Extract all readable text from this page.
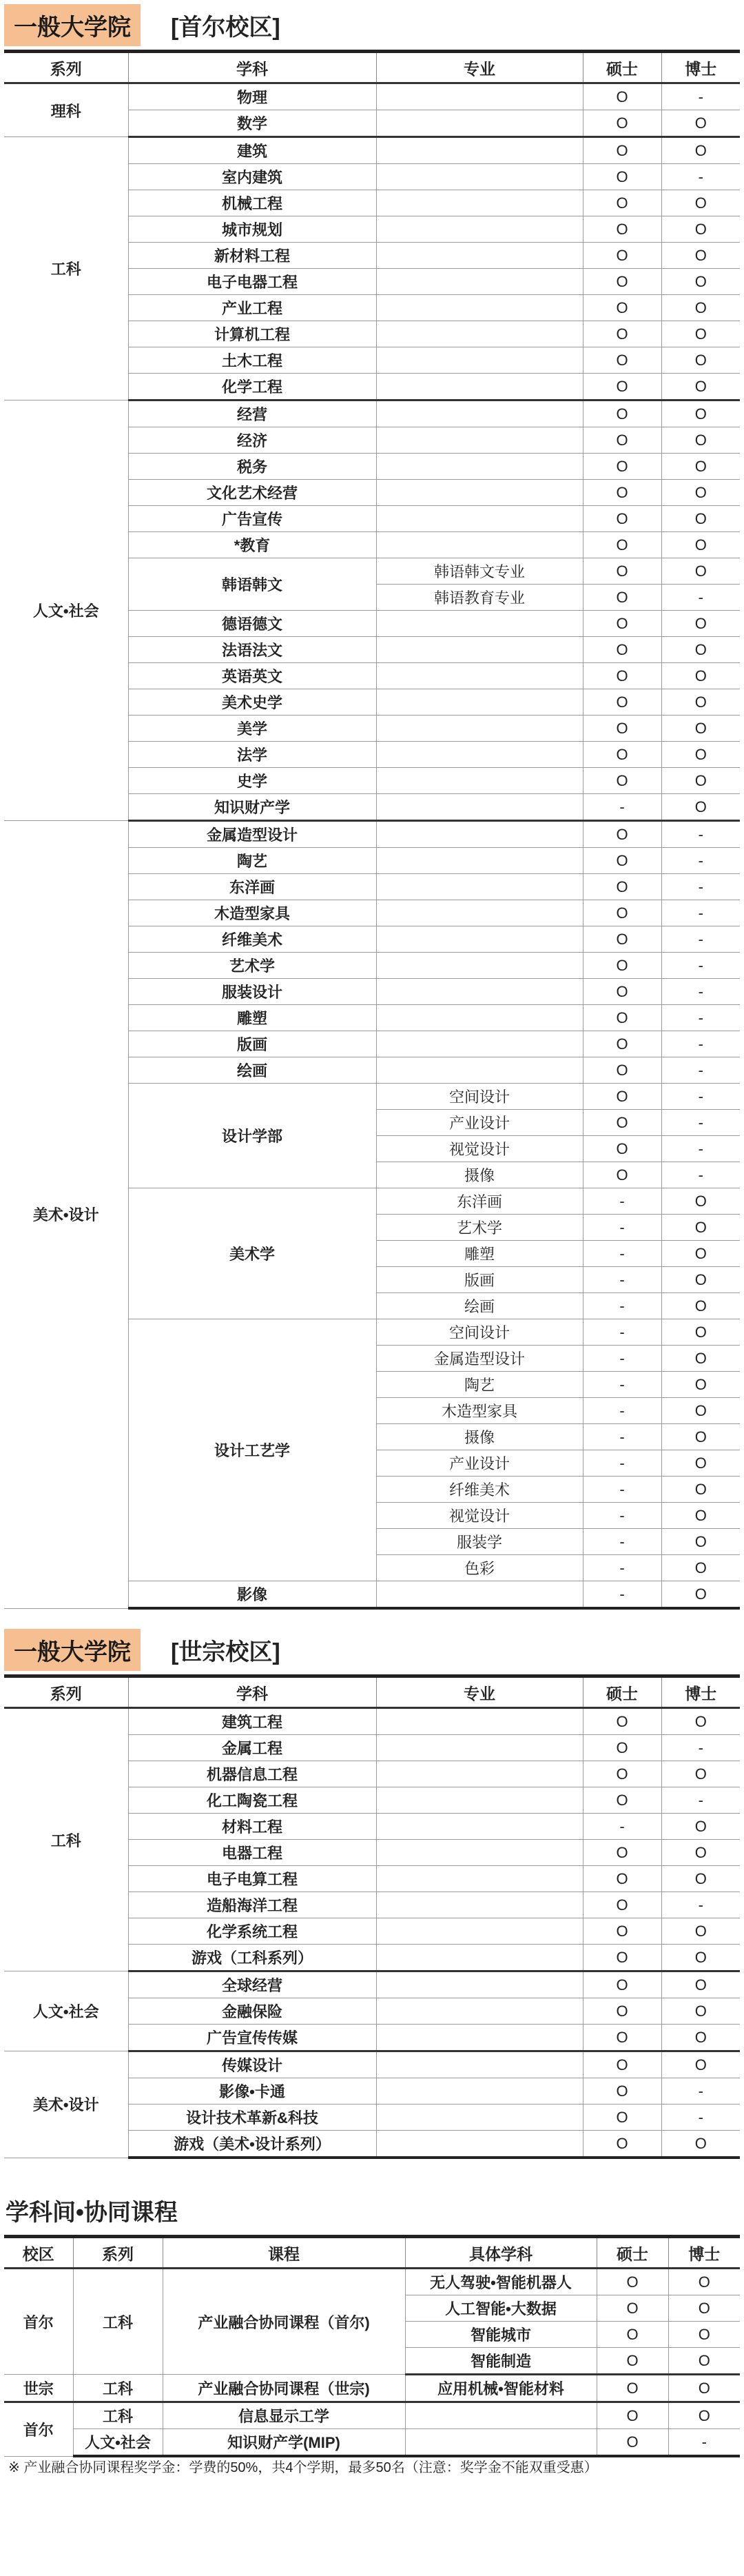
一般大学院	[首尔校区]
系列	学科	专业	硕士	博士
理科	物理		O	-
	数学		O	O
工科	建筑		O	O
	室内建筑		O	-
	机械工程		O	O
	城市规划		O	O
	新材料工程		O	O
	电子电器工程		O	O
	产业工程		O	O
	计算机工程		O	O
	土木工程		O	O
	化学工程		O	O
人文•社会	经营		O	O
	经济		O	O
	税务		O	O
	文化艺术经营		O	O
	广告宣传		O	O
	*教育		O	O
	韩语韩文	韩语韩文专业	O	O
		韩语教育专业	O	-
	德语德文		O	O
	法语法文		O	O
	英语英文		O	O
	美术史学		O	O
	美学		O	O
	法学		O	O
	史学		O	O
	知识财产学		-	O
美术•设计	金属造型设计		O	-
	陶艺		O	-
	东洋画		O	-
	木造型家具		O	-
	纤维美术		O	-
	艺术学		O	-
	服装设计		O	-
	雕塑		O	-
	版画		O	-
	绘画		O	-
	设计学部	空间设计	O	-
		产业设计	O	-
		视觉设计	O	-
		摄像	O	-
	美术学	东洋画	-	O
		艺术学	-	O
		雕塑	-	O
		版画	-	O
		绘画	-	O
	设计工艺学	空间设计	-	O
		金属造型设计	-	O
		陶艺	-	O
		木造型家具	-	O
		摄像	-	O
		产业设计	-	O
		纤维美术	-	O
		视觉设计	-	O
		服装学	-	O
		色彩	-	O
	影像		-	O
一般大学院	[世宗校区]
系列	学科	专业	硕士	博士
工科	建筑工程		O	O
	金属工程		O	-
	机器信息工程		O	O
	化工陶瓷工程		O	-
	材料工程		-	O
	电器工程		O	O
	电子电算工程		O	O
	造船海洋工程		O	-
	化学系统工程		O	O
	游戏（工科系列）		O	O
人文•社会	全球经营		O	O
	金融保险		O	O
	广告宣传传媒		O	O
美术•设计	传媒设计		O	O
	影像•卡通		O	-
	设计技术革新&科技		O	-
	游戏（美术•设计系列）		O	O
学科间•协同课程
校区	系列	课程	具体学科	硕士	博士
首尔	工科	产业融合协同课程（首尔)	无人驾驶•智能机器人	O	O
			人工智能•大数据	O	O
			智能城市	O	O
			智能制造	O	O
世宗	工科	产业融合协同课程（世宗)	应用机械•智能材料	O	O
首尔	工科	信息显示工学		O	O
	人文•社会	知识财产学(MIP)		O	-
※ 产业融合协同课程奖学金：学费的50%，共4个学期，最多50名（注意：奖学金不能双重受惠）
